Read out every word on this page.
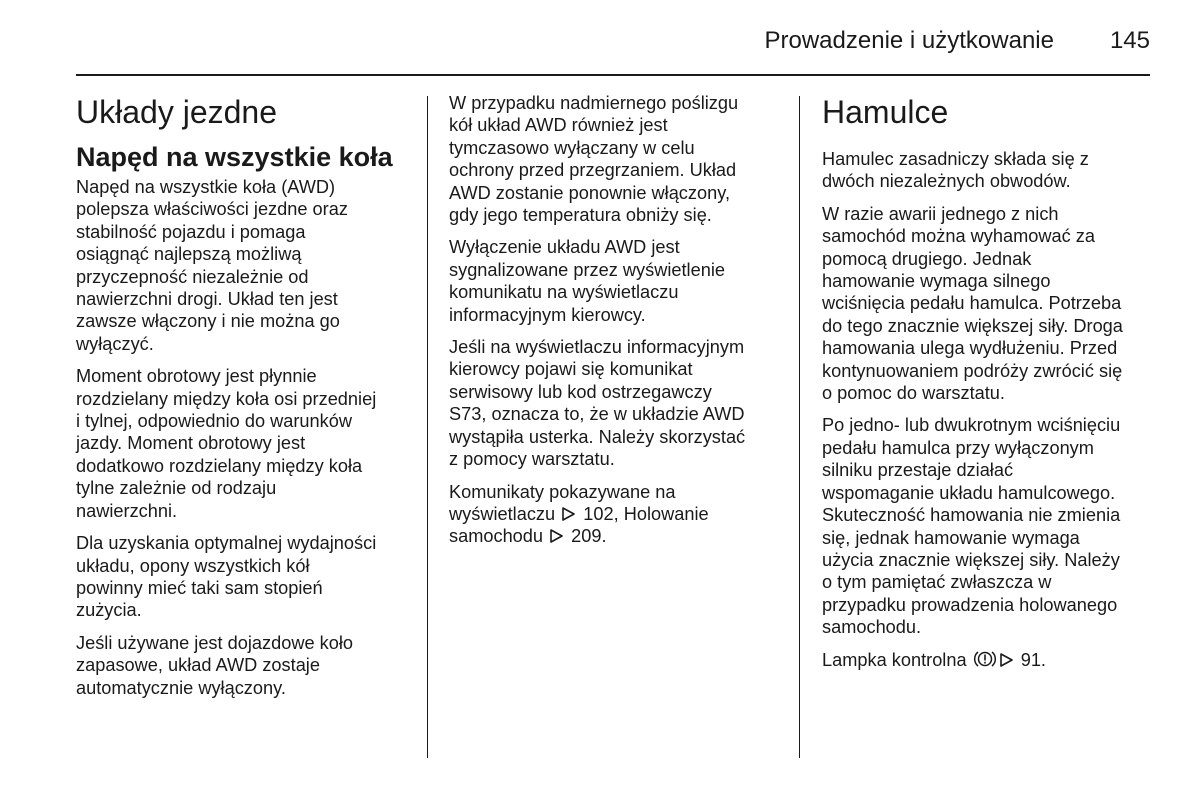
Prowadzenie i użytkowanie 145
Układy jezdne
Napęd na wszystkie koła

Napęd na wszystkie koła (AWD)
polepsza właściwości jezdne oraz
stabilność pojazdu i pomaga
osiągnąć najlepszą możliwą
przyczepność niezależnie od
nawierzchni drogi. Układ ten jest
zawsze włączony i nie można go
wyłączyć.

Moment obrotowy jest płynnie
rozdzielany między koła osi przedniej
i tylnej, odpowiednio do warunków
jazdy. Moment obrotowy jest
dodatkowo rozdzielany między koła
tylne zależnie od rodzaju
nawierzchni.

Dla uzyskania optymalnej wydajności
układu, opony wszystkich kół
powinny mieć taki sam stopień
zużycia.

Jeśli używane jest dojazdowe koło
zapasowe, układ AWD zostaje
automatycznie wyłączony.

W przypadku nadmiernego poślizgu
kół układ AWD również jest
tymczasowo wyłączany w celu
ochrony przed przegrzaniem. Układ
AWD zostanie ponownie włączony,
gdy jego temperatura obniży się.

Wyłączenie układu AWD jest
sygnalizowane przez wyświetlenie
komunikatu na wyświetlaczu
informacyjnym kierowcy.

Jeśli na wyświetlaczu informacyjnym
kierowcy pojawi się komunikat
serwisowy lub kod ostrzegawczy
S73, oznacza to, że w układzie AWD
wystąpiła usterka. Należy skorzystać
z pomocy warsztatu.

Komunikaty pokazywane na
wyświetlaczu 102, Holowanie
samochodu 209.

Hamulce

Hamulec zasadniczy składa się z
dwóch niezależnych obwodów.

W razie awarii jednego z nich
samochód można wyhamować za
pomocą drugiego. Jednak
hamowanie wymaga silnego
wciśnięcia pedału hamulca. Potrzeba
do tego znacznie większej siły. Droga
hamowania ulega wydłużeniu. Przed
kontynuowaniem podróży zwrócić się
o pomoc do warsztatu.

Po jedno- lub dwukrotnym wciśnięciu
pedału hamulca przy wyłączonym
silniku przestaje działać
wspomaganie układu hamulcowego.
Skuteczność hamowania nie zmienia
się, jednak hamowanie wymaga
użycia znacznie większej siły. Należy
o tym pamiętać zwłaszcza w
przypadku prowadzenia holowanego
samochodu.

Lampka kontrolna	91.
